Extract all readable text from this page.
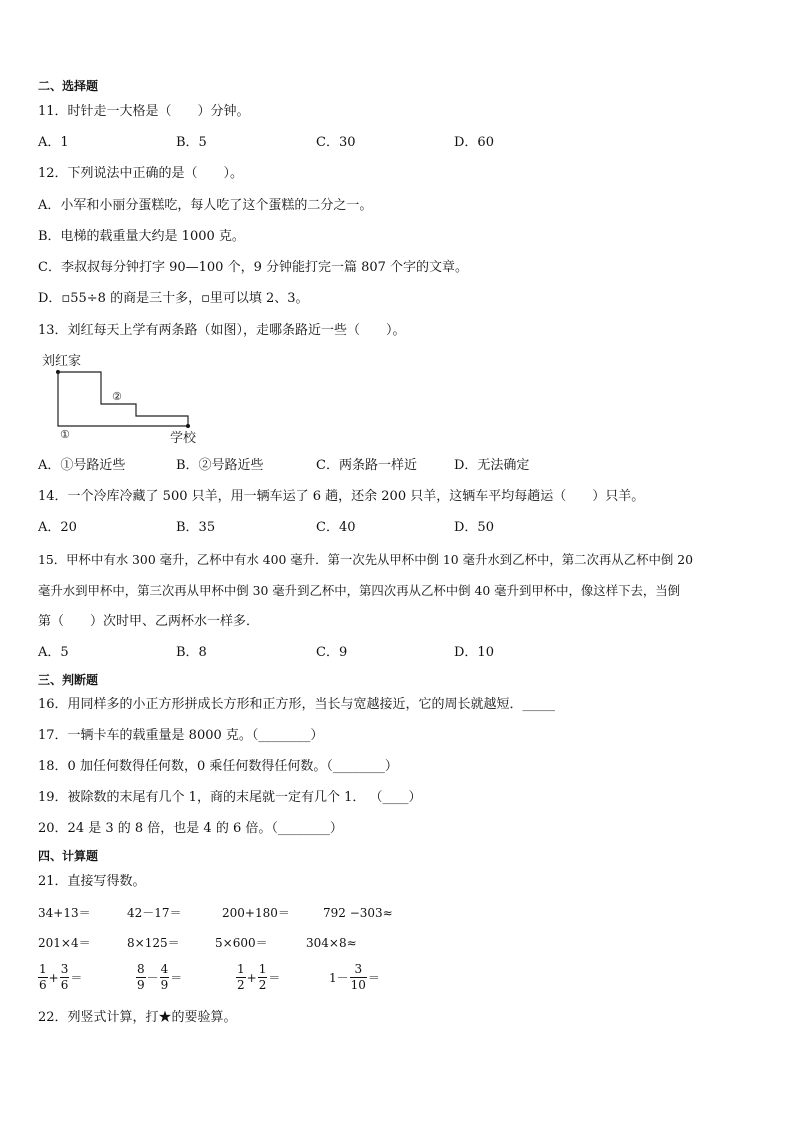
二、选择题
11．时针走一大格是（　　）分钟。
A．1	B．5	C．30	D．60
12．下列说法中正确的是（　　）。
A．小军和小丽分蛋糕吃，每人吃了这个蛋糕的二分之一。
B．电梯的载重量大约是 1000 克。
C．李叔叔每分钟打字 90—100 个，9 分钟能打完一篇 807 个字的文章。
D．▫55÷8 的商是三十多，▫里可以填 2、3。
13．刘红每天上学有两条路（如图），走哪条路近一些（　　）。
刘红家
②
①	学校
A．①号路近些	B．②号路近些	C．两条路一样近	D．无法确定
14．一个冷库冷藏了 500 只羊，用一辆车运了 6 趟，还余 200 只羊，这辆车平均每趟运（　　）只羊。
A．20	B．35	C．40	D．50
15．甲杯中有水 300 毫升，乙杯中有水 400 毫升．第一次先从甲杯中倒 10 毫升水到乙杯中，第二次再从乙杯中倒 20
毫升水到甲杯中，第三次再从甲杯中倒 30 毫升到乙杯中，第四次再从乙杯中倒 40 毫升到甲杯中，像这样下去，当倒
第（　　）次时甲、乙两杯水一样多．
A．5	B．8	C．9	D．10
三、判断题
16．用同样多的小正方形拼成长方形和正方形，当长与宽越接近，它的周长就越短．_____
17．一辆卡车的载重量是 8000 克。（________）
18．0 加任何数得任何数，0 乘任何数得任何数。（________）
19．被除数的末尾有几个 1，商的末尾就一定有几个 1． （____）
20．24 是 3 的 8 倍，也是 4 的 6 倍。（________）
四、计算题
21．直接写得数。
34+13＝	42－17＝	200+180＝	792 −303≈
201×4＝	8×125＝	5×600＝	304×8≈
$\frac{1}{6} + \frac{3}{6}$ ＝	$\frac{8}{9} - \frac{4}{9}$ ＝	$\frac{1}{2} + \frac{1}{2}$ ＝	$1- \frac{3}{10}$ ＝
22．列竖式计算，打★的要验算。
